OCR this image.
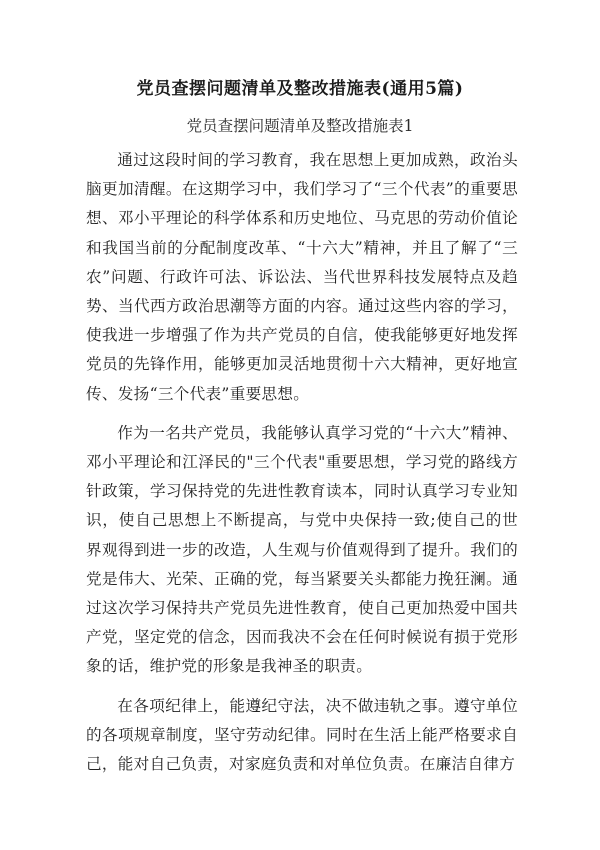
党员查摆问题清单及整改措施表(通用5篇)
党员查摆问题清单及整改措施表1

通过这段时间的学习教育，我在思想上更加成熟，政治头脑更加清醒。在这期学习中，我们学习了“三个代表”的重要思想、邓小平理论的科学体系和历史地位、马克思的劳动价值论和我国当前的分配制度改革、“十六大”精神，并且了解了“三农”问题、行政许可法、诉讼法、当代世界科技发展特点及趋势、当代西方政治思潮等方面的内容。通过这些内容的学习，使我进一步增强了作为共产党员的自信，使我能够更好地发挥党员的先锋作用，能够更加灵活地贯彻十六大精神，更好地宣传、发扬“三个代表”重要思想。

作为一名共产党员，我能够认真学习党的“十六大”精神、邓小平理论和江泽民的"三个代表"重要思想，学习党的路线方针政策，学习保持党的先进性教育读本，同时认真学习专业知识，使自己思想上不断提高，与党中央保持一致;使自己的世界观得到进一步的改造，人生观与价值观得到了提升。我们的党是伟大、光荣、正确的党，每当紧要关头都能力挽狂澜。通过这次学习保持共产党员先进性教育，使自己更加热爱中国共产党，坚定党的信念，因而我决不会在任何时候说有损于党形象的话，维护党的形象是我神圣的职责。

在各项纪律上，能遵纪守法，决不做违轨之事。遵守单位的各项规章制度，坚守劳动纪律。同时在生活上能严格要求自己，能对自己负责，对家庭负责和对单位负责。在廉洁自律方
